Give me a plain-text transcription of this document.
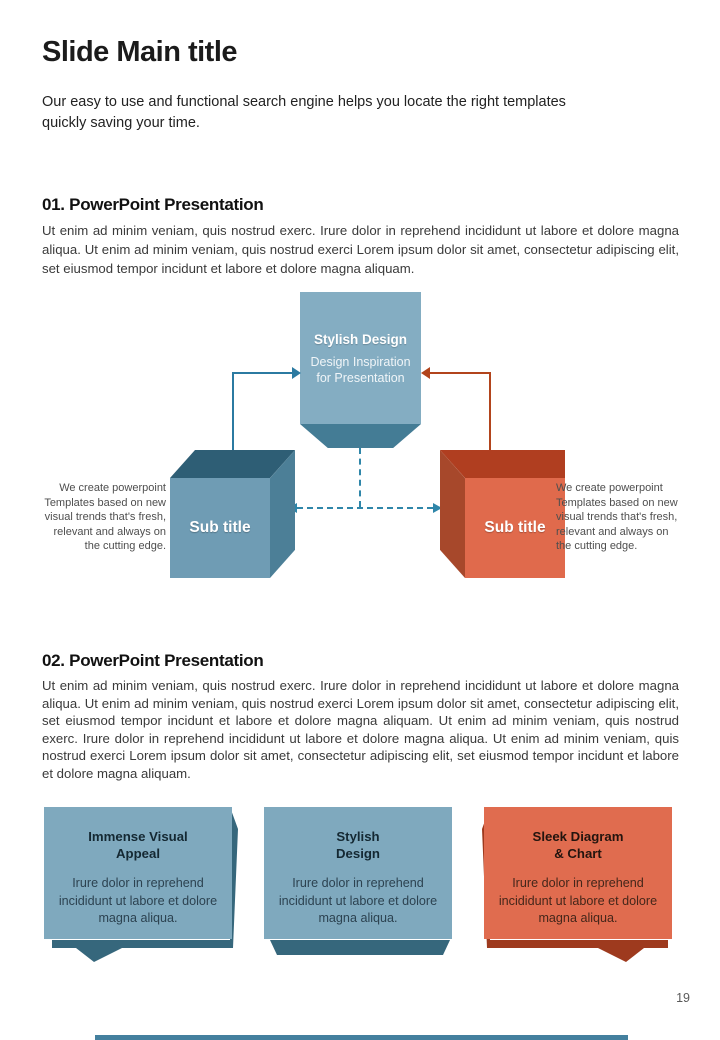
Slide Main title

Our easy to use and functional search engine helps you locate the right templates
quickly saving your time.

01. PowerPoint Presentation

Ut enim ad minim veniam, quis nostrud exerc. Irure dolor in reprehend incididunt ut labore et dolore magna aliqua. Ut enim ad minim veniam, quis nostrud exerci Lorem ipsum dolor sit amet, consectetur adipiscing elit, set eiusmod tempor incidunt et labore et dolore magna aliquam.

Stylish Design
Design Inspiration for Presentation
Sub title	Sub title

We create powerpoint Templates based on new visual trends that's fresh, relevant and always on the cutting edge.

We create powerpoint Templates based on new visual trends that's fresh, relevant and always on the cutting edge.

02. PowerPoint Presentation

Ut enim ad minim veniam, quis nostrud exerc. Irure dolor in reprehend incididunt ut labore et dolore magna aliqua. Ut enim ad minim veniam, quis nostrud exerci Lorem ipsum dolor sit amet, consectetur adipiscing elit, set eiusmod tempor incidunt et labore et dolore magna aliquam. Ut enim ad minim veniam, quis nostrud exerc. Irure dolor in reprehend incididunt ut labore et dolore magna aliqua. Ut enim ad minim veniam, quis nostrud exerci Lorem ipsum dolor sit amet, consectetur adipiscing elit, set eiusmod tempor incidunt et labore et dolore magna aliquam.

Immense Visual
Appeal
Irure dolor in reprehend incididunt ut labore et dolore magna aliqua.
Stylish
Design
Irure dolor in reprehend incididunt ut labore et dolore magna aliqua.
Sleek Diagram
& Chart
Irure dolor in reprehend incididunt ut labore et dolore magna aliqua.
19
